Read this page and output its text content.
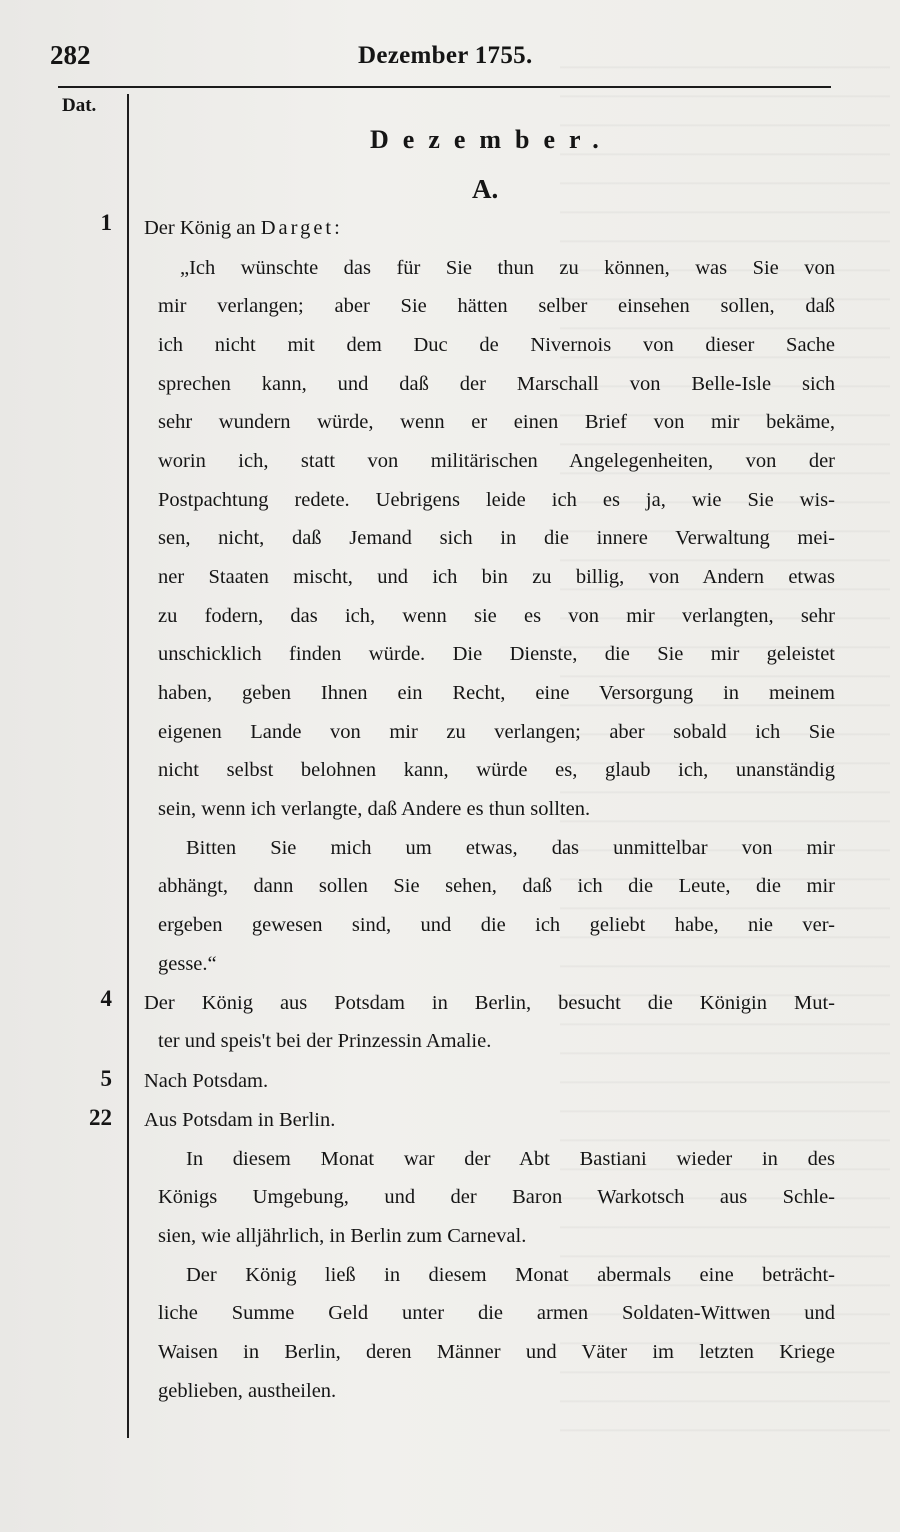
282	Dezember 1755.
Dat.
Dezember.
A.
1
4
5
22
Der König an Darget:
„Ich wünschte das für Sie thun zu können, was Sie von
mir verlangen; aber Sie hätten selber einsehen sollen, daß
ich nicht mit dem Duc de Nivernois von dieser Sache
sprechen kann, und daß der Marschall von Belle-Isle sich
sehr wundern würde, wenn er einen Brief von mir bekäme,
worin ich, statt von militärischen Angelegenheiten, von der
Postpachtung redete. Uebrigens leide ich es ja, wie Sie wis-
sen, nicht, daß Jemand sich in die innere Verwaltung mei-
ner Staaten mischt, und ich bin zu billig, von Andern etwas
zu fodern, das ich, wenn sie es von mir verlangten, sehr
unschicklich finden würde. Die Dienste, die Sie mir geleistet
haben, geben Ihnen ein Recht, eine Versorgung in meinem
eigenen Lande von mir zu verlangen; aber sobald ich Sie
nicht selbst belohnen kann, würde es, glaub ich, unanständig
sein, wenn ich verlangte, daß Andere es thun sollten.
Bitten Sie mich um etwas, das unmittelbar von mir
abhängt, dann sollen Sie sehen, daß ich die Leute, die mir
ergeben gewesen sind, und die ich geliebt habe, nie ver-
gesse.“
Der König aus Potsdam in Berlin, besucht die Königin Mut-
ter und speis't bei der Prinzessin Amalie.
Nach Potsdam.
Aus Potsdam in Berlin.
In diesem Monat war der Abt Bastiani wieder in des
Königs Umgebung, und der Baron Warkotsch aus Schle-
sien, wie alljährlich, in Berlin zum Carneval.
Der König ließ in diesem Monat abermals eine beträcht-
liche Summe Geld unter die armen Soldaten-Wittwen und
Waisen in Berlin, deren Männer und Väter im letzten Kriege
geblieben, austheilen.
